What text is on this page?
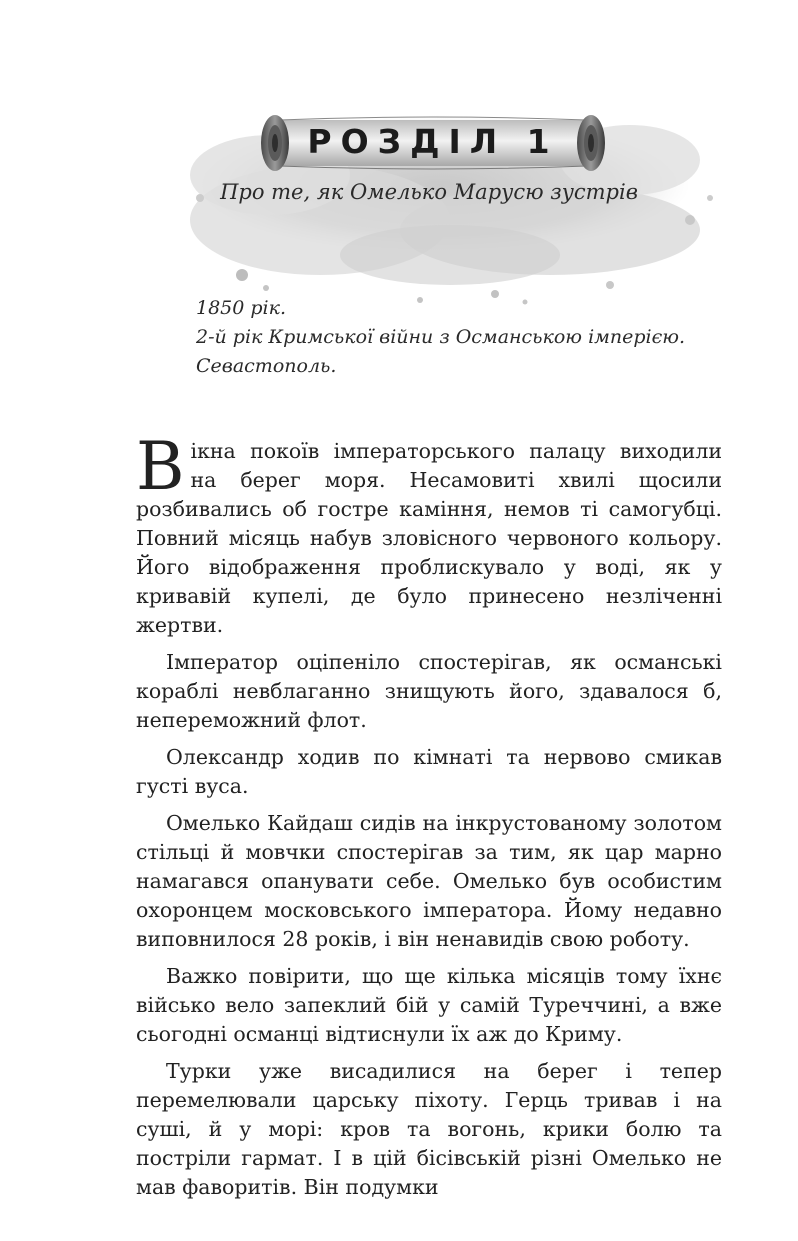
РОЗДІЛ 1
Про те, як Омелько Марусю зустрів
1850 рік.
2-й рік Кримської війни з Османською імперією.
Севастополь.

Вікна покоїв імператорського палацу виходили на берег моря. Несамовиті хвилі щосили розбивались об гостре каміння, немов ті самогубці. Повний місяць набув зловісного червоного кольору. Його відображення проблискувало у воді, як у кривавій купелі, де було принесено незліченні жертви.

Імператор оціпеніло спостерігав, як османські кораблі невблаганно знищують його, здавалося б, непереможний флот.

Олександр ходив по кімнаті та нервово смикав густі вуса.

Омелько Кайдаш сидів на інкрустованому золотом стільці й мовчки спостерігав за тим, як цар марно намагався опанувати себе. Омелько був особистим охоронцем московського імператора. Йому недавно виповнилося 28 років, і він ненавидів свою роботу.

Важко повірити, що ще кілька місяців тому їхнє військо вело запеклий бій у самій Туреччині, а вже сьогодні османці відтиснули їх аж до Криму.

Турки уже висадилися на берег і тепер перемелювали царську піхоту. Герць тривав і на суші, й у морі: кров та вогонь, крики болю та постріли гармат. І в цій бісівській різні Омелько не мав фаворитів. Він подумки
